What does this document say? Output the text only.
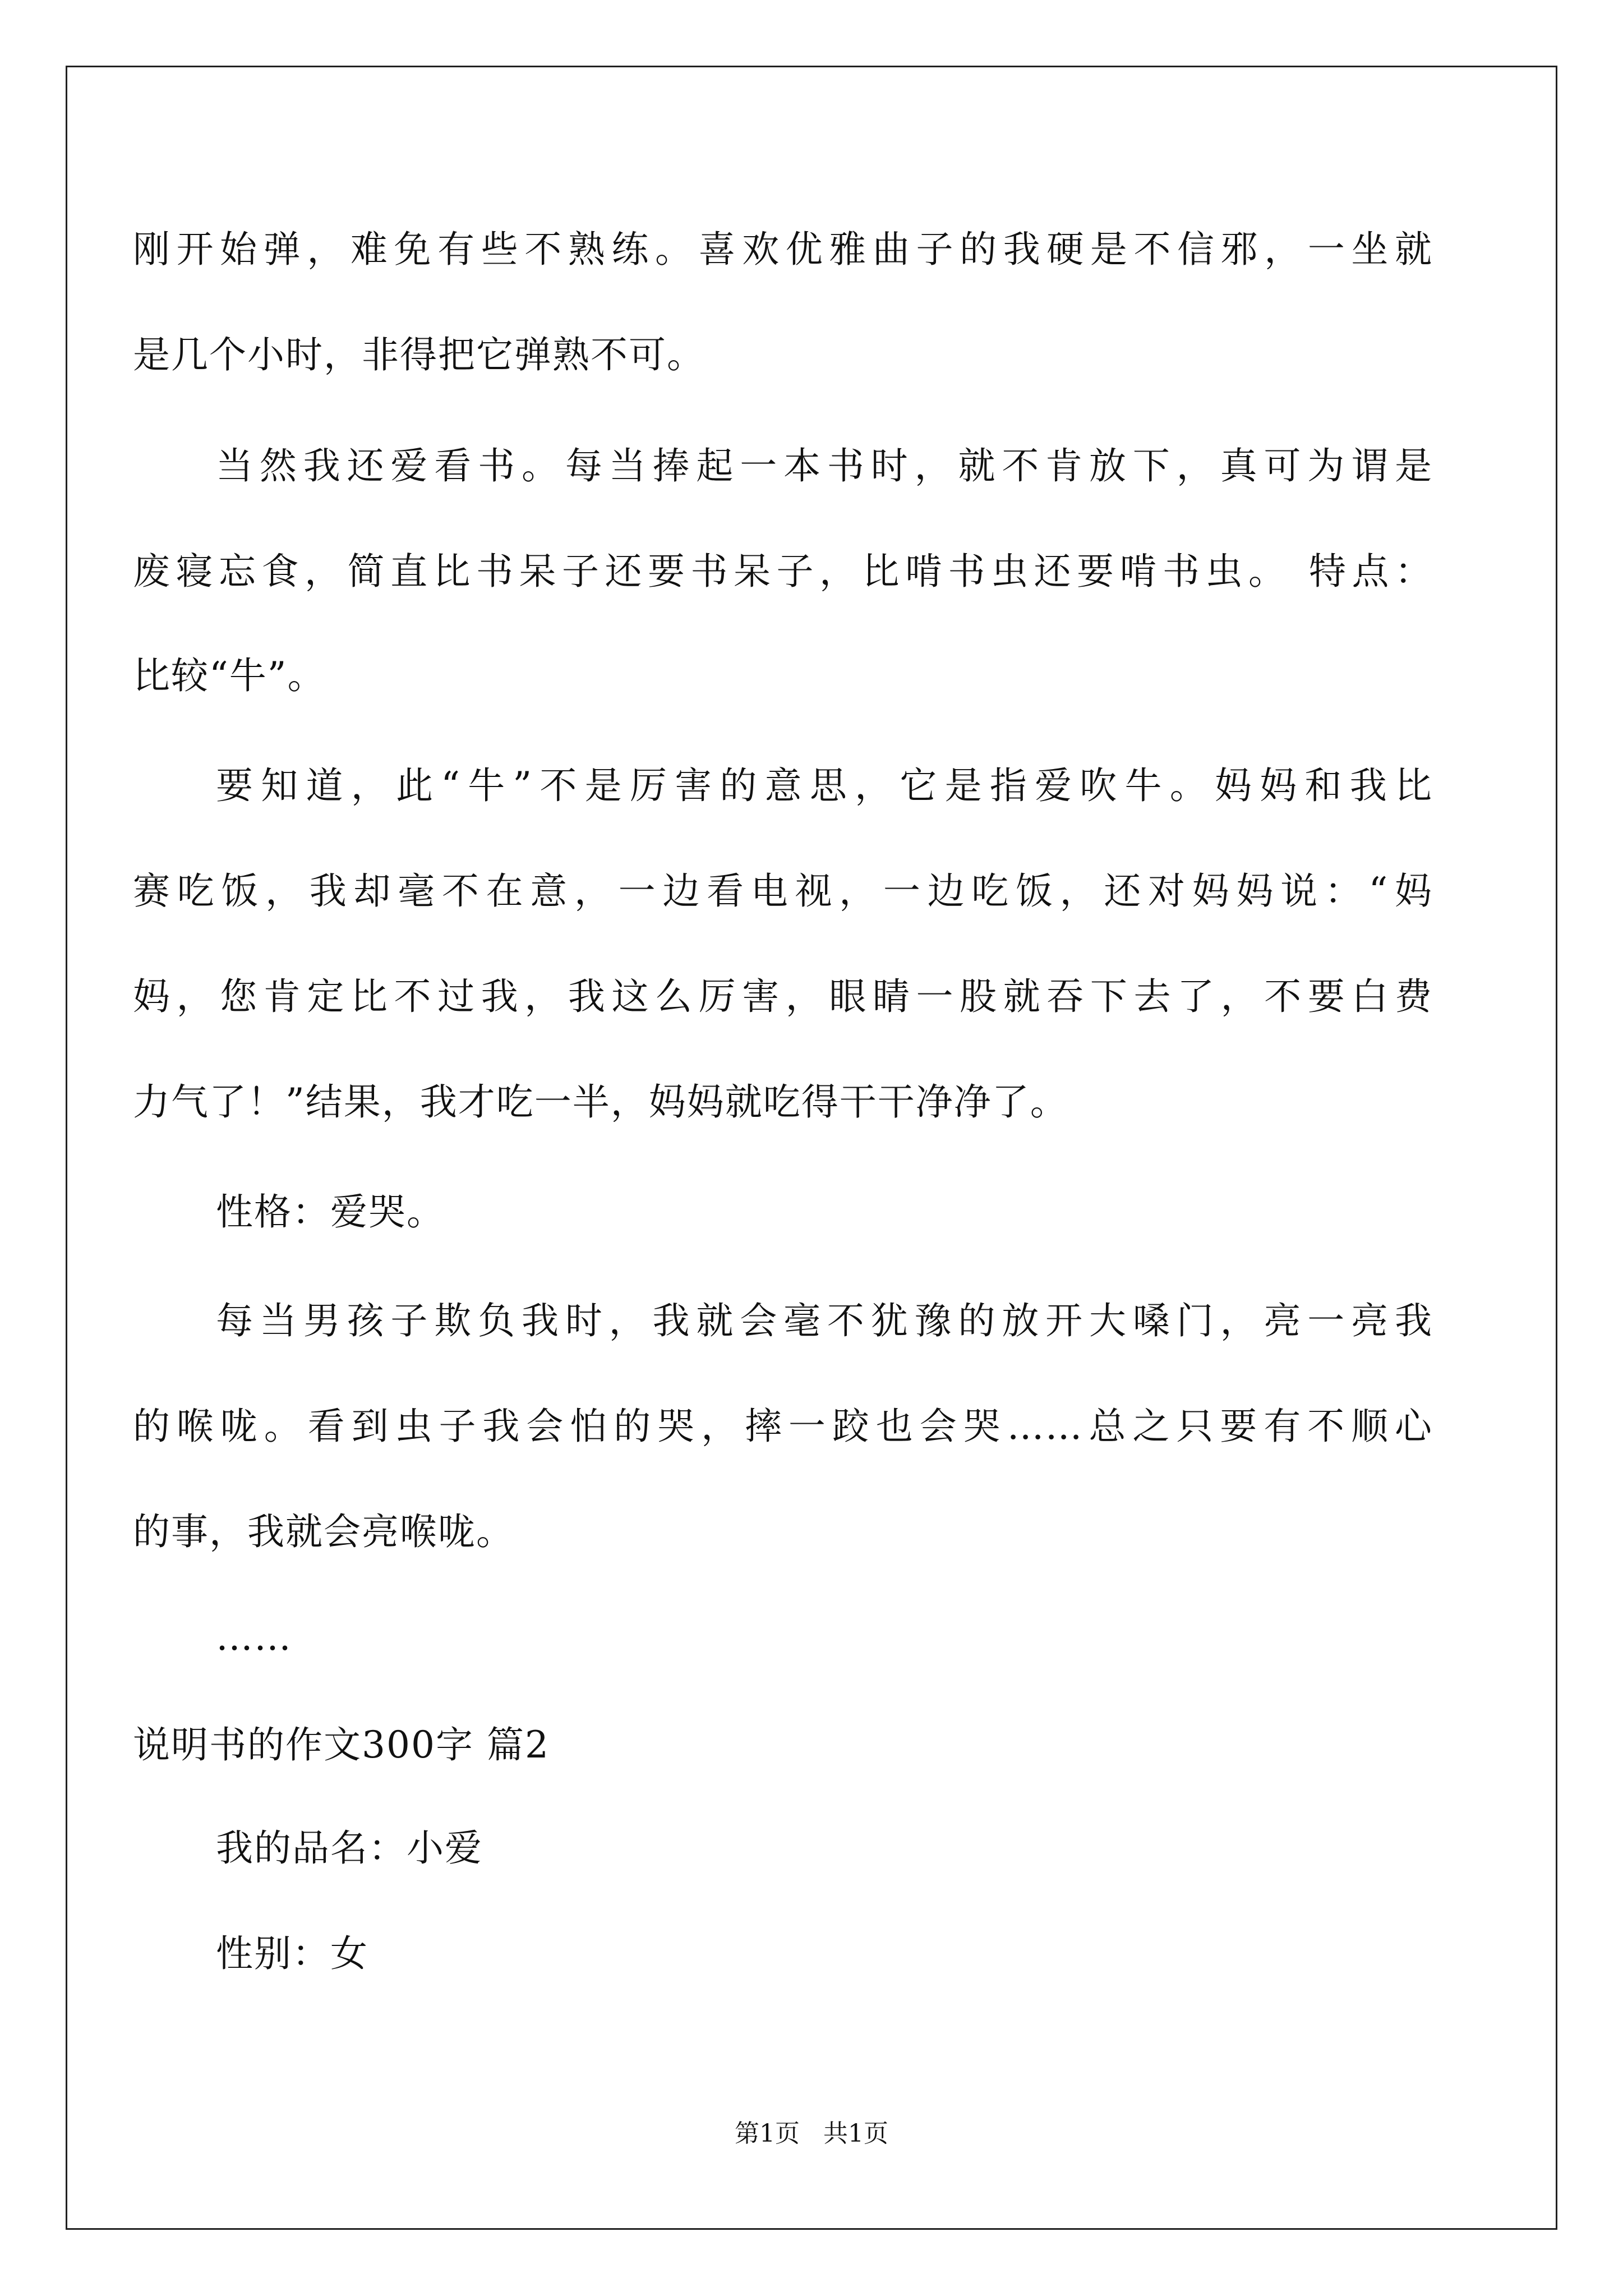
刚开始弹，难免有些不熟练。喜欢优雅曲子的我硬是不信邪，一坐就
是几个小时，非得把它弹熟不可。
当然我还爱看书。每当捧起一本书时，就不肯放下，真可为谓是
废寝忘食，简直比书呆子还要书呆子，比啃书虫还要啃书虫。 特点：
比较“牛”。
要知道，此“牛”不是厉害的意思，它是指爱吹牛。妈妈和我比
赛吃饭，我却毫不在意，一边看电视，一边吃饭，还对妈妈说：“妈
妈，您肯定比不过我，我这么厉害，眼睛一股就吞下去了，不要白费
力气了！”结果，我才吃一半，妈妈就吃得干干净净了。
性格：爱哭。
每当男孩子欺负我时，我就会毫不犹豫的放开大嗓门，亮一亮我
的喉咙。看到虫子我会怕的哭，摔一跤也会哭……总之只要有不顺心
的事，我就会亮喉咙。
……
说明书的作文300字 篇2
我的品名：小爱
性别：女
第1页 共1页
